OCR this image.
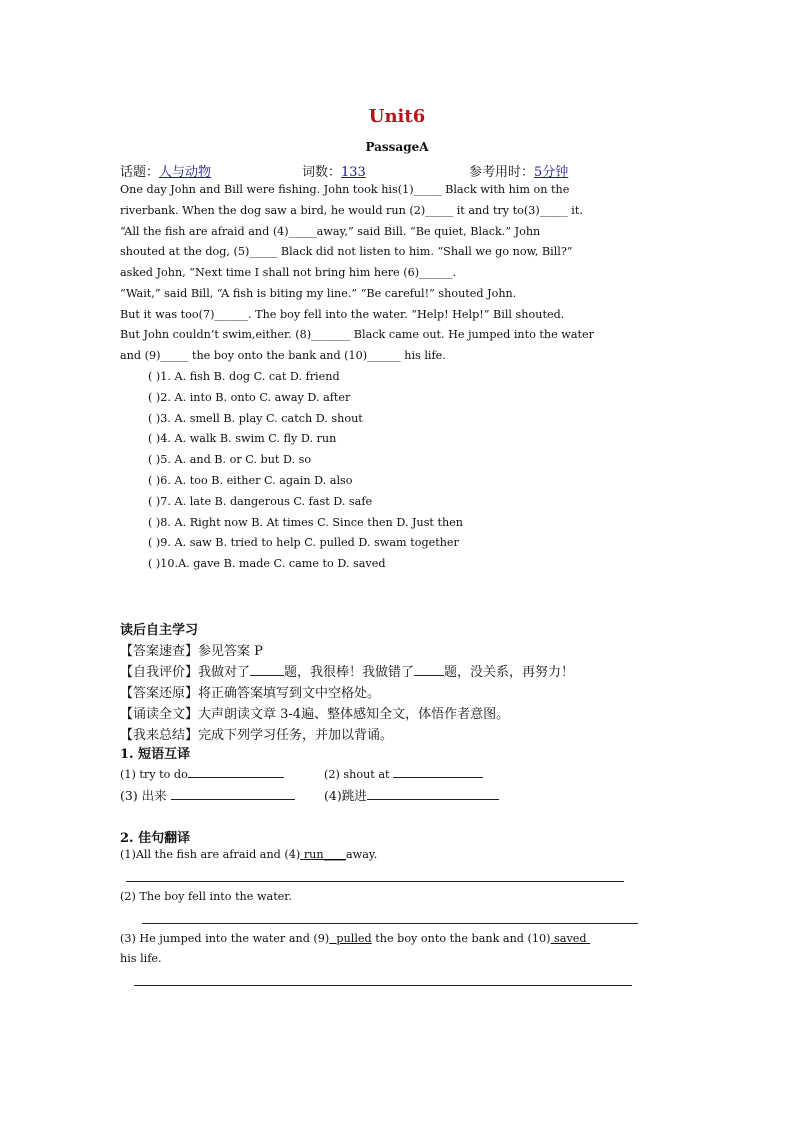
Unit6
PassageA
话题：人与动物	词数：133	参考用时：5分钟
One day John and Bill were fishing. John took his(1)_____ Black with him on the
riverbank. When the dog saw a bird, he would run (2)_____ it and try to(3)_____ it.
“All the fish are afraid and (4)_____away,” said Bill. “Be quiet, Black.” John
shouted at the dog, (5)_____ Black did not listen to him. “Shall we go now, Bill?”
asked John, “Next time I shall not bring him here (6)______.
“Wait,” said Bill, “A fish is biting my line.” “Be careful!” shouted John.
But it was too(7)______. The boy fell into the water. “Help! Help!” Bill shouted.
But John couldn’t swim,either. (8)_______ Black came out. He jumped into the water
and (9)_____ the boy onto the bank and (10)______ his life.
( )1. A. fish B. dog C. cat D. friend
( )2. A. into B. onto C. away D. after
( )3. A. smell B. play C. catch D. shout
( )4. A. walk B. swim C. fly D. run
( )5. A. and B. or C. but D. so
( )6. A. too B. either C. again D. also
( )7. A. late B. dangerous C. fast D. safe
( )8. A. Right now B. At times C. Since then D. Just then
( )9. A. saw B. tried to help C. pulled D. swam together
( )10.A. gave B. made C. came to D. saved
读后自主学习
【答案速查】参见答案 P
【自我评价】我做对了	题，我很棒！我做错了 题，没关系，再努力！
【答案还原】将正确答案填写到文中空格处。
【诵读全文】大声朗读文章 3-4遍、整体感知全文，体悟作者意图。
【我来总结】完成下列学习任务，并加以背诵。
1. 短语互译
(1) try to do	(2) shout at
(3) 出来	(4)跳进
2. 佳句翻译
(1)All the fish are afraid and (4) run____away.
(2) The boy fell into the water.
(3) He jumped into the water and (9) pulled the boy onto the bank and (10) saved
his life.
